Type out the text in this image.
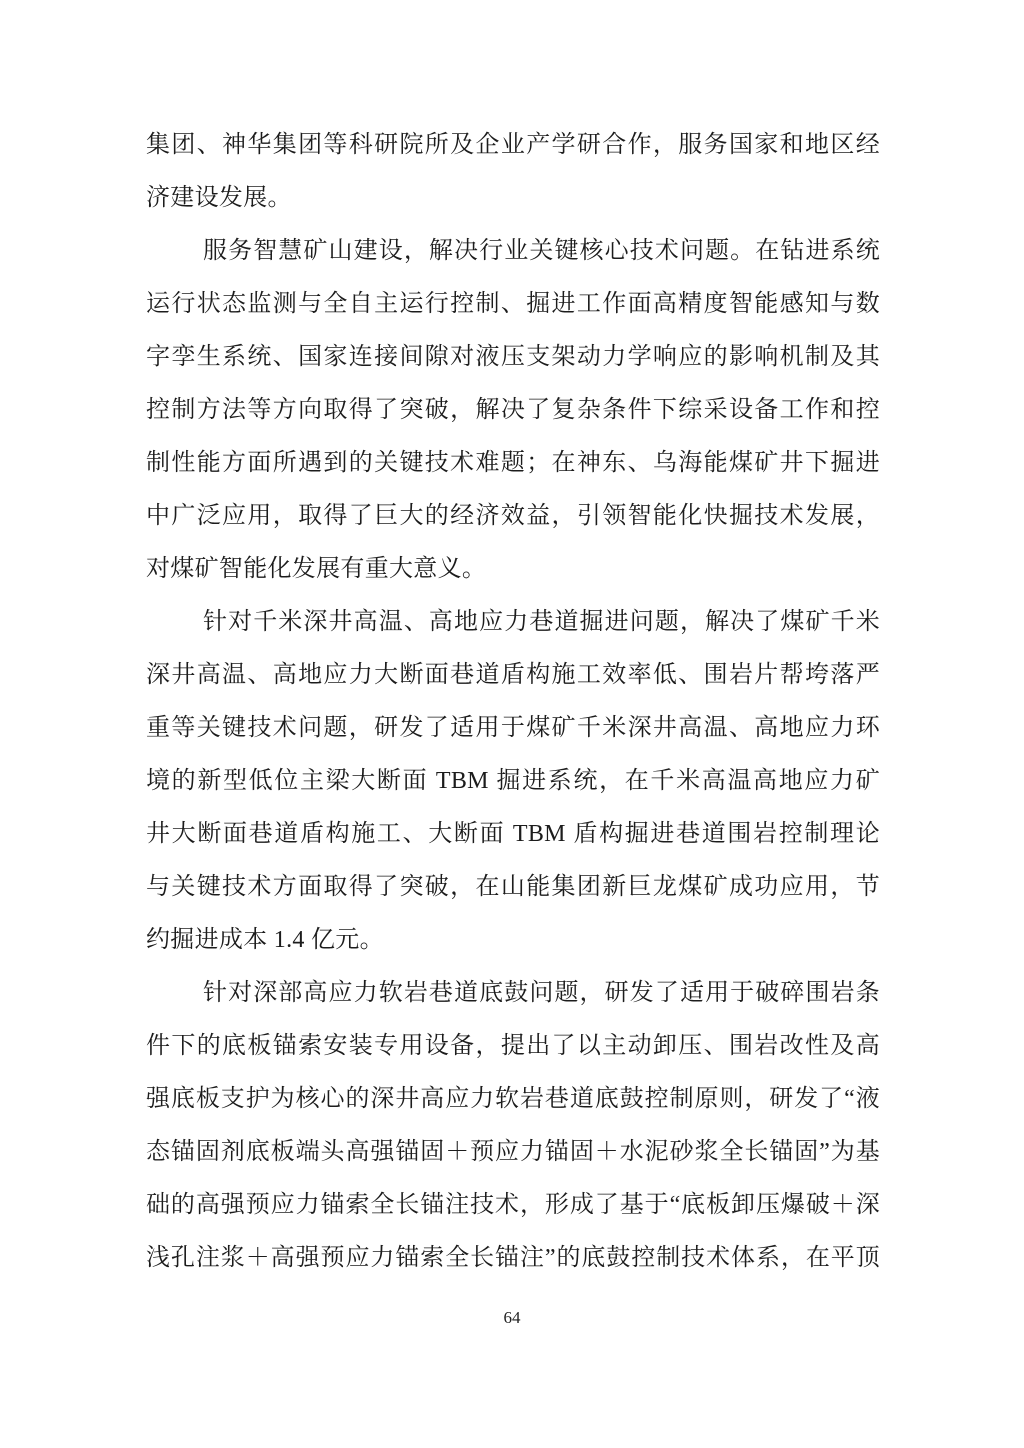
集团、神华集团等科研院所及企业产学研合作，服务国家和地区经
济建设发展。
服务智慧矿山建设，解决行业关键核心技术问题。在钻进系统
运行状态监测与全自主运行控制、掘进工作面高精度智能感知与数
字孪生系统、国家连接间隙对液压支架动力学响应的影响机制及其
控制方法等方向取得了突破，解决了复杂条件下综采设备工作和控
制性能方面所遇到的关键技术难题；在神东、乌海能煤矿井下掘进
中广泛应用，取得了巨大的经济效益，引领智能化快掘技术发展，
对煤矿智能化发展有重大意义。
针对千米深井高温、高地应力巷道掘进问题，解决了煤矿千米
深井高温、高地应力大断面巷道盾构施工效率低、围岩片帮垮落严
重等关键技术问题，研发了适用于煤矿千米深井高温、高地应力环
境的新型低位主梁大断面 TBM 掘进系统，在千米高温高地应力矿
井大断面巷道盾构施工、大断面 TBM 盾构掘进巷道围岩控制理论
与关键技术方面取得了突破，在山能集团新巨龙煤矿成功应用，节
约掘进成本 1.4 亿元。
针对深部高应力软岩巷道底鼓问题，研发了适用于破碎围岩条
件下的底板锚索安装专用设备，提出了以主动卸压、围岩改性及高
强底板支护为核心的深井高应力软岩巷道底鼓控制原则，研发了“液
态锚固剂底板端头高强锚固＋预应力锚固＋水泥砂浆全长锚固”为基
础的高强预应力锚索全长锚注技术，形成了基于“底板卸压爆破＋深
浅孔注浆＋高强预应力锚索全长锚注”的底鼓控制技术体系，在平顶
64
